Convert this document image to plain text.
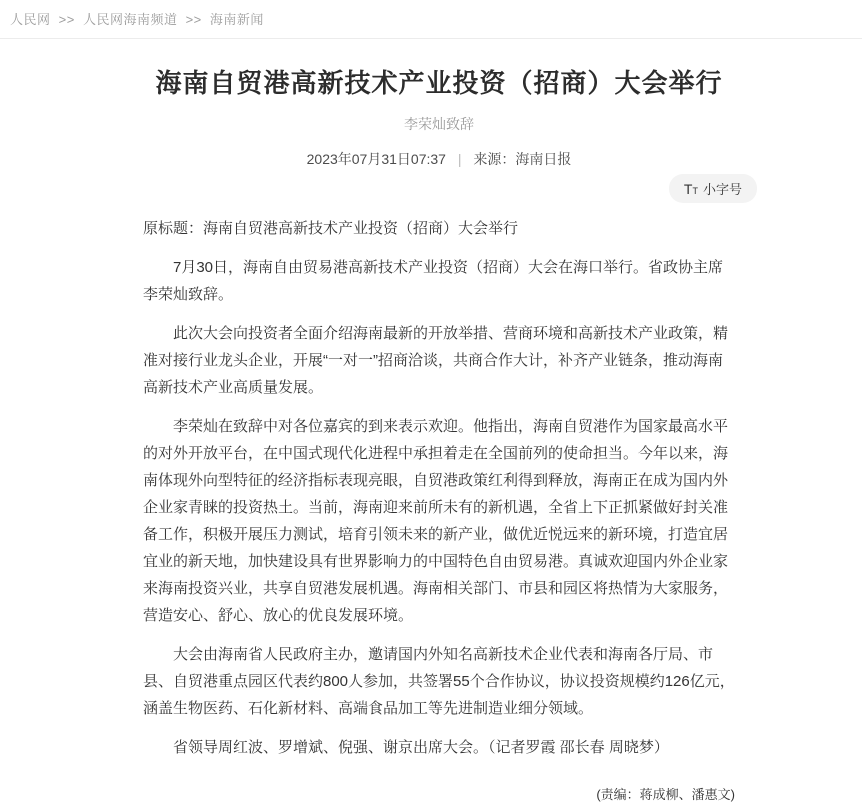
人民网 >> 人民网海南频道 >> 海南新闻
海南自贸港高新技术产业投资（招商）大会举行
李荣灿致辞
2023年07月31日07:37 | 来源：海南日报
T T 小字号

原标题：海南自贸港高新技术产业投资（招商）大会举行

7月30日，海南自由贸易港高新技术产业投资（招商）大会在海口举行。省政协主席李荣灿致辞。

此次大会向投资者全面介绍海南最新的开放举措、营商环境和高新技术产业政策，精准对接行业龙头企业，开展“一对一”招商洽谈，共商合作大计，补齐产业链条，推动海南高新技术产业高质量发展。

李荣灿在致辞中对各位嘉宾的到来表示欢迎。他指出，海南自贸港作为国家最高水平的对外开放平台，在中国式现代化进程中承担着走在全国前列的使命担当。今年以来，海南体现外向型特征的经济指标表现亮眼，自贸港政策红利得到释放，海南正在成为国内外企业家青睐的投资热土。当前，海南迎来前所未有的新机遇，全省上下正抓紧做好封关准备工作，积极开展压力测试，培育引领未来的新产业，做优近悦远来的新环境，打造宜居宜业的新天地，加快建设具有世界影响力的中国特色自由贸易港。真诚欢迎国内外企业家来海南投资兴业，共享自贸港发展机遇。海南相关部门、市县和园区将热情为大家服务，营造安心、舒心、放心的优良发展环境。

大会由海南省人民政府主办，邀请国内外知名高新技术企业代表和海南各厅局、市县、自贸港重点园区代表约800人参加，共签署55个合作协议，协议投资规模约126亿元，涵盖生物医药、石化新材料、高端食品加工等先进制造业细分领域。

省领导周红波、罗增斌、倪强、谢京出席大会。（记者罗霞 邵长春 周晓梦）

(责编：蒋成柳、潘惠文)
